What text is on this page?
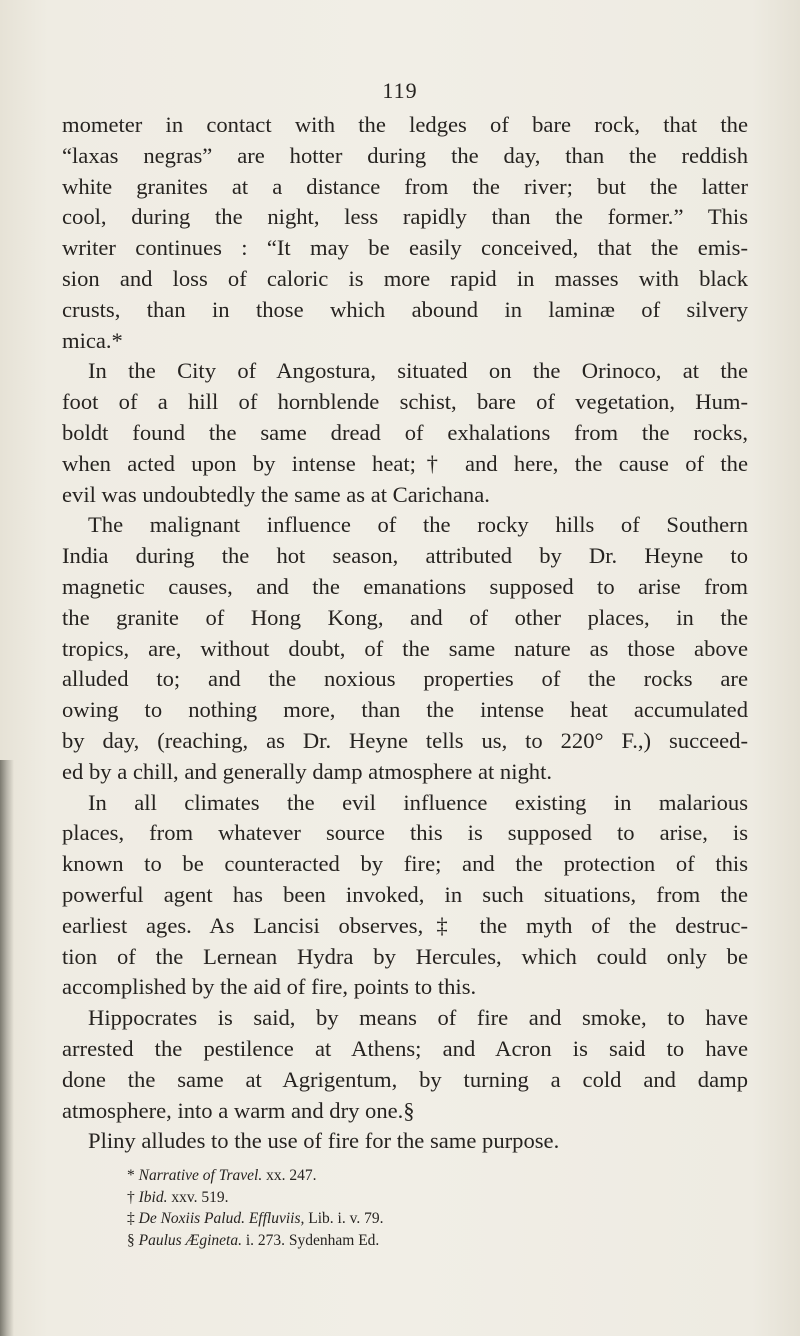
119
mometer in contact with the ledges of bare rock, that the
“laxas negras” are hotter during the day, than the reddish
white granites at a distance from the river; but the latter
cool, during the night, less rapidly than the former.” This
writer continues : “It may be easily conceived, that the emis-
sion and loss of caloric is more rapid in masses with black
crusts, than in those which abound in laminæ of silvery
mica.*
In the City of Angostura, situated on the Orinoco, at the
foot of a hill of hornblende schist, bare of vegetation, Hum-
boldt found the same dread of exhalations from the rocks,
when acted upon by intense heat;† and here, the cause of the
evil was undoubtedly the same as at Carichana.
The malignant influence of the rocky hills of Southern
India during the hot season, attributed by Dr. Heyne to
magnetic causes, and the emanations supposed to arise from
the granite of Hong Kong, and of other places, in the
tropics, are, without doubt, of the same nature as those above
alluded to; and the noxious properties of the rocks are
owing to nothing more, than the intense heat accumulated
by day, (reaching, as Dr. Heyne tells us, to 220° F.,) succeed-
ed by a chill, and generally damp atmosphere at night.
In all climates the evil influence existing in malarious
places, from whatever source this is supposed to arise, is
known to be counteracted by fire; and the protection of this
powerful agent has been invoked, in such situations, from the
earliest ages. As Lancisi observes,‡ the myth of the destruc-
tion of the Lernean Hydra by Hercules, which could only be
accomplished by the aid of fire, points to this.
Hippocrates is said, by means of fire and smoke, to have
arrested the pestilence at Athens; and Acron is said to have
done the same at Agrigentum, by turning a cold and damp
atmosphere, into a warm and dry one.§
Pliny alludes to the use of fire for the same purpose.
* Narrative of Travel. xx. 247.
† Ibid. xxv. 519.
‡ De Noxiis Palud. Effluviis, Lib. i. v. 79.
§ Paulus Ægineta. i. 273. Sydenham Ed.
